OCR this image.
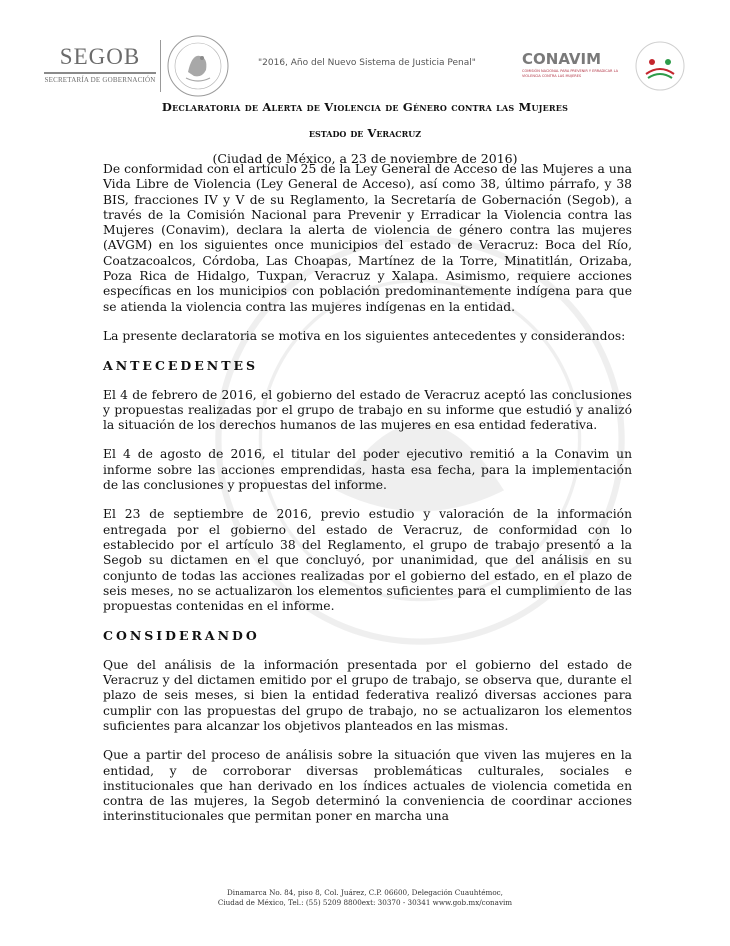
SEGOB
SECRETARÍA DE GOBERNACIÓN
"2016, Año del Nuevo Sistema de Justicia Penal"	CONAVIM
COMISIÓN NACIONAL PARA PREVENIR Y ERRADICAR LA VIOLENCIA CONTRA LAS MUJERES

Declaratoria de Alerta de Violencia de Género contra las Mujeres

estado de Veracruz

(Ciudad de México, a 23 de noviembre de 2016)

De conformidad con el artículo 25 de la Ley General de Acceso de las Mujeres a una Vida Libre de Violencia (Ley General de Acceso), así como 38, último párrafo, y 38 BIS, fracciones IV y V de su Reglamento, la Secretaría de Gobernación (Segob), a través de la Comisión Nacional para Prevenir y Erradicar la Violencia contra las Mujeres (Conavim), declara la alerta de violencia de género contra las mujeres (AVGM) en los siguientes once municipios del estado de Veracruz: Boca del Río, Coatzacoalcos, Córdoba, Las Choapas, Martínez de la Torre, Minatitlán, Orizaba, Poza Rica de Hidalgo, Tuxpan, Veracruz y Xalapa. Asimismo, requiere acciones específicas en los municipios con población predominantemente indígena para que se atienda la violencia contra las mujeres indígenas en la entidad.

La presente declaratoria se motiva en los siguientes antecedentes y considerandos:

ANTECEDENTES

El 4 de febrero de 2016, el gobierno del estado de Veracruz aceptó las conclusiones y propuestas realizadas por el grupo de trabajo en su informe que estudió y analizó la situación de los derechos humanos de las mujeres en esa entidad federativa.

El 4 de agosto de 2016, el titular del poder ejecutivo remitió a la Conavim un informe sobre las acciones emprendidas, hasta esa fecha, para la implementación de las conclusiones y propuestas del informe.

El 23 de septiembre de 2016, previo estudio y valoración de la información entregada por el gobierno del estado de Veracruz, de conformidad con lo establecido por el artículo 38 del Reglamento, el grupo de trabajo presentó a la Segob su dictamen en el que concluyó, por unanimidad, que del análisis en su conjunto de todas las acciones realizadas por el gobierno del estado, en el plazo de seis meses, no se actualizaron los elementos suficientes para el cumplimiento de las propuestas contenidas en el informe.

CONSIDERANDO

Que del análisis de la información presentada por el gobierno del estado de Veracruz y del dictamen emitido por el grupo de trabajo, se observa que, durante el plazo de seis meses, si bien la entidad federativa realizó diversas acciones para cumplir con las propuestas del grupo de trabajo, no se actualizaron los elementos suficientes para alcanzar los objetivos planteados en las mismas.

Que a partir del proceso de análisis sobre la situación que viven las mujeres en la entidad, y de corroborar diversas problemáticas culturales, sociales e institucionales que han derivado en los índices actuales de violencia cometida en contra de las mujeres, la Segob determinó la conveniencia de coordinar acciones interinstitucionales que permitan poner en marcha una

Dinamarca No. 84, piso 8, Col. Juárez, C.P. 06600, Delegación Cuauhtémoc,
Ciudad de México, Tel.: (55) 5209 8800ext: 30370 - 30341 www.gob.mx/conavim
